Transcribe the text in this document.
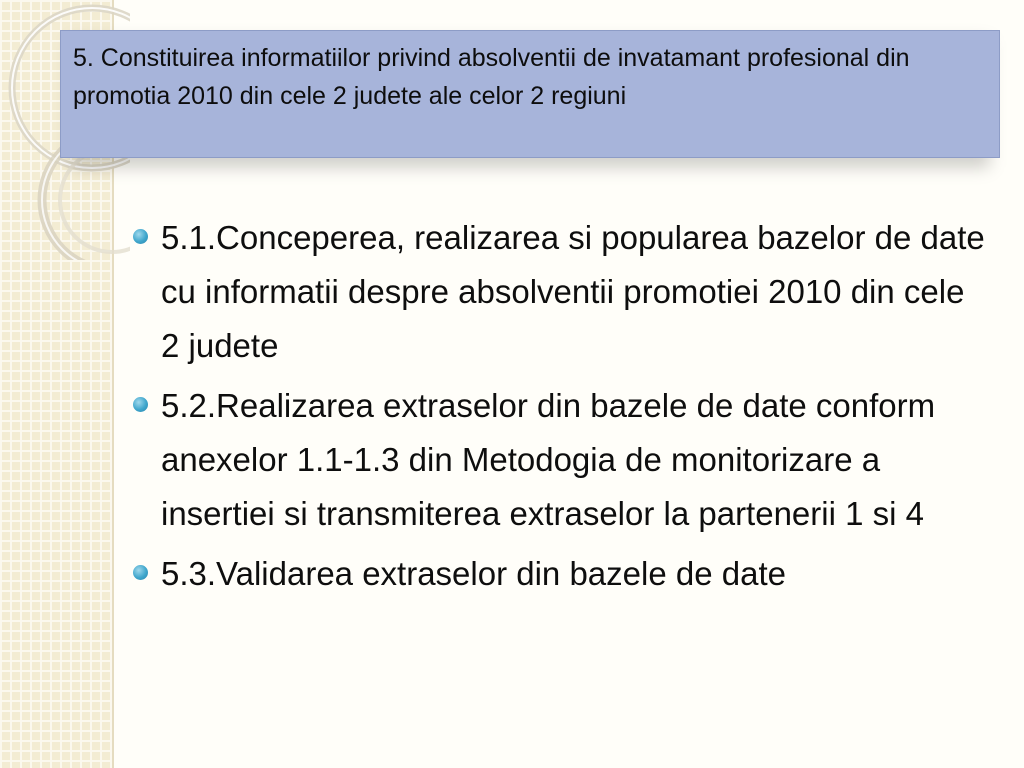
5. Constituirea informatiilor privind absolventii de invatamant profesional din promotia 2010 din cele 2 judete ale celor 2 regiuni
5.1.Conceperea, realizarea si popularea bazelor de date cu informatii despre absolventii promotiei 2010 din cele 2 judete
5.2.Realizarea extraselor din bazele de date conform anexelor 1.1-1.3 din Metodogia de monitorizare a insertiei si transmiterea extraselor la partenerii 1 si 4
5.3.Validarea extraselor din bazele de date
